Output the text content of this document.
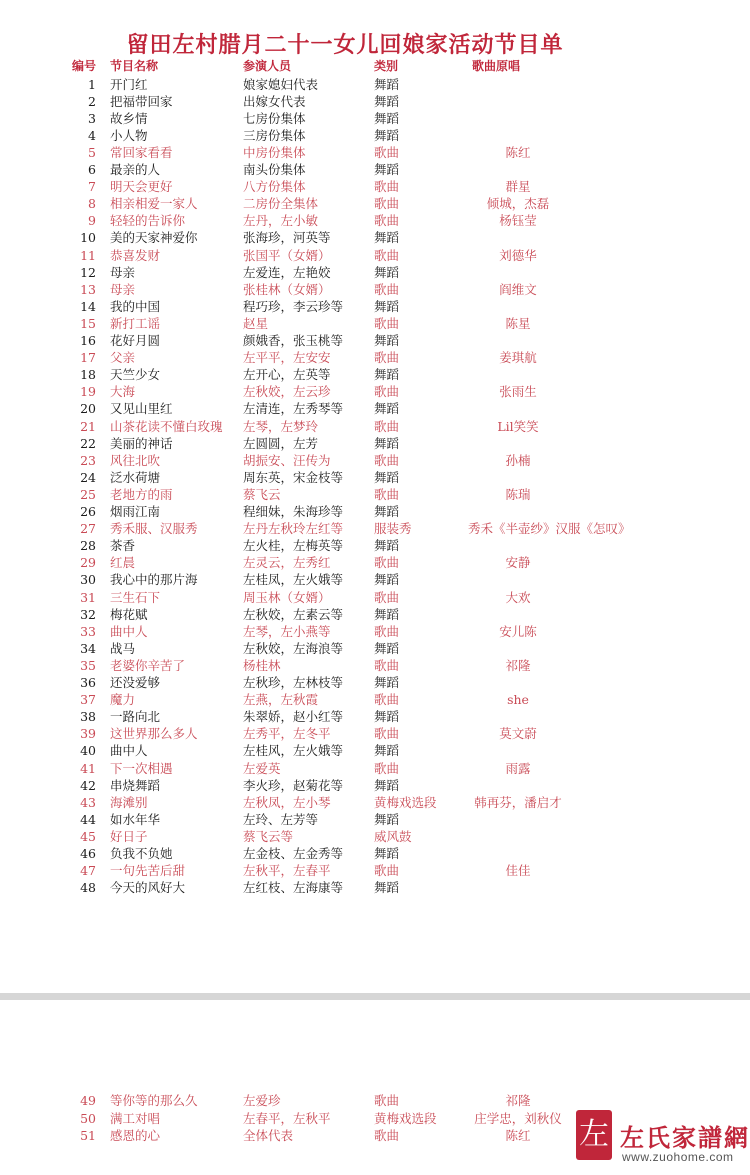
留田左村腊月二十一女儿回娘家活动节目单
编号 节目名称	参演人员	类别	歌曲原唱
1 开门红	娘家媳妇代表	舞蹈
2 把福带回家	出嫁女代表	舞蹈
3 故乡情	七房份集体	舞蹈
4 小人物	三房份集体	舞蹈
5 常回家看看	中房份集体	歌曲	陈红
6 最亲的人	南头份集体	舞蹈
7 明天会更好	八方份集体	歌曲	群星
8 相亲相爱一家人	二房份全集体	歌曲	倾城，杰磊
9 轻轻的告诉你	左丹，左小敏	歌曲	杨钰莹
10 美的天家神爱你	张海珍，河英等	舞蹈
11 恭喜发财	张国平（女婿）	歌曲	刘德华
12 母亲	左爱连，左艳姣	舞蹈
13 母亲	张桂林（女婿）	歌曲	阎维文
14 我的中国	程巧珍，李云珍等 舞蹈
15 新打工谣	赵星	歌曲	陈星
16 花好月圆	颜娥香，张玉桃等 舞蹈
17 父亲	左平平，左安安	歌曲	姜琪航
18 天竺少女	左开心，左英等	舞蹈
19 大海	左秋姣，左云珍	歌曲	张雨生
20 又见山里红	左清连，左秀琴等 舞蹈
21 山茶花读不懂白玫瑰 左琴，左梦玲	歌曲	Lil笑笑
22 美丽的神话	左圆圆，左芳	舞蹈
23 风往北吹	胡振安、汪传为	歌曲	孙楠
24 泛水荷塘	周东英，宋金枝等 舞蹈
25 老地方的雨	蔡飞云	歌曲	陈瑞
26 烟雨江南	程细妹，朱海珍等 舞蹈
27 秀禾服、汉服秀	左丹左秋玲左红等 服装秀	秀禾《半壶纱》汉服《怎叹》
28 茶香	左火桂，左梅英等 舞蹈
29 红晨	左灵云，左秀红	歌曲	安静
30 我心中的那片海	左桂凤，左火娥等 舞蹈
31 三生石下	周玉林（女婿）	歌曲	大欢
32 梅花赋	左秋姣，左素云等 舞蹈
33 曲中人	左琴，左小燕等	歌曲	安儿陈
34 战马	左秋姣，左海浪等 舞蹈
35 老婆你辛苦了	杨桂林	歌曲	祁隆
36 还没爱够	左秋珍，左林枝等 舞蹈
37 魔力	左燕，左秋霞	歌曲	she
38 一路向北	朱翠娇，赵小红等 舞蹈
39 这世界那么多人	左秀平，左冬平	歌曲	莫文蔚
40 曲中人	左桂风，左火娥等 舞蹈
41 下一次相遇	左爱英	歌曲	雨露
42 串烧舞蹈	李火珍，赵菊花等 舞蹈
43 海滩别	左秋凤，左小琴	黄梅戏选段	韩再芬，潘启才
44 如水年华	左玲、左芳等	舞蹈
45 好日子	蔡飞云等	威风鼓
46 负我不负她	左金枝、左金秀等 舞蹈
47 一句先苦后甜	左秋平，左春平	歌曲	佳佳
48 今天的风好大	左红枝、左海康等 舞蹈
49 等你等的那么久	左爱珍	歌曲	祁隆
50 满工对唱	左春平，左秋平	黄梅戏选段	庄学忠，刘秋仪
51 感恩的心	全体代表	歌曲	陈红	左 左氏家譜網
www.zuohome.com
